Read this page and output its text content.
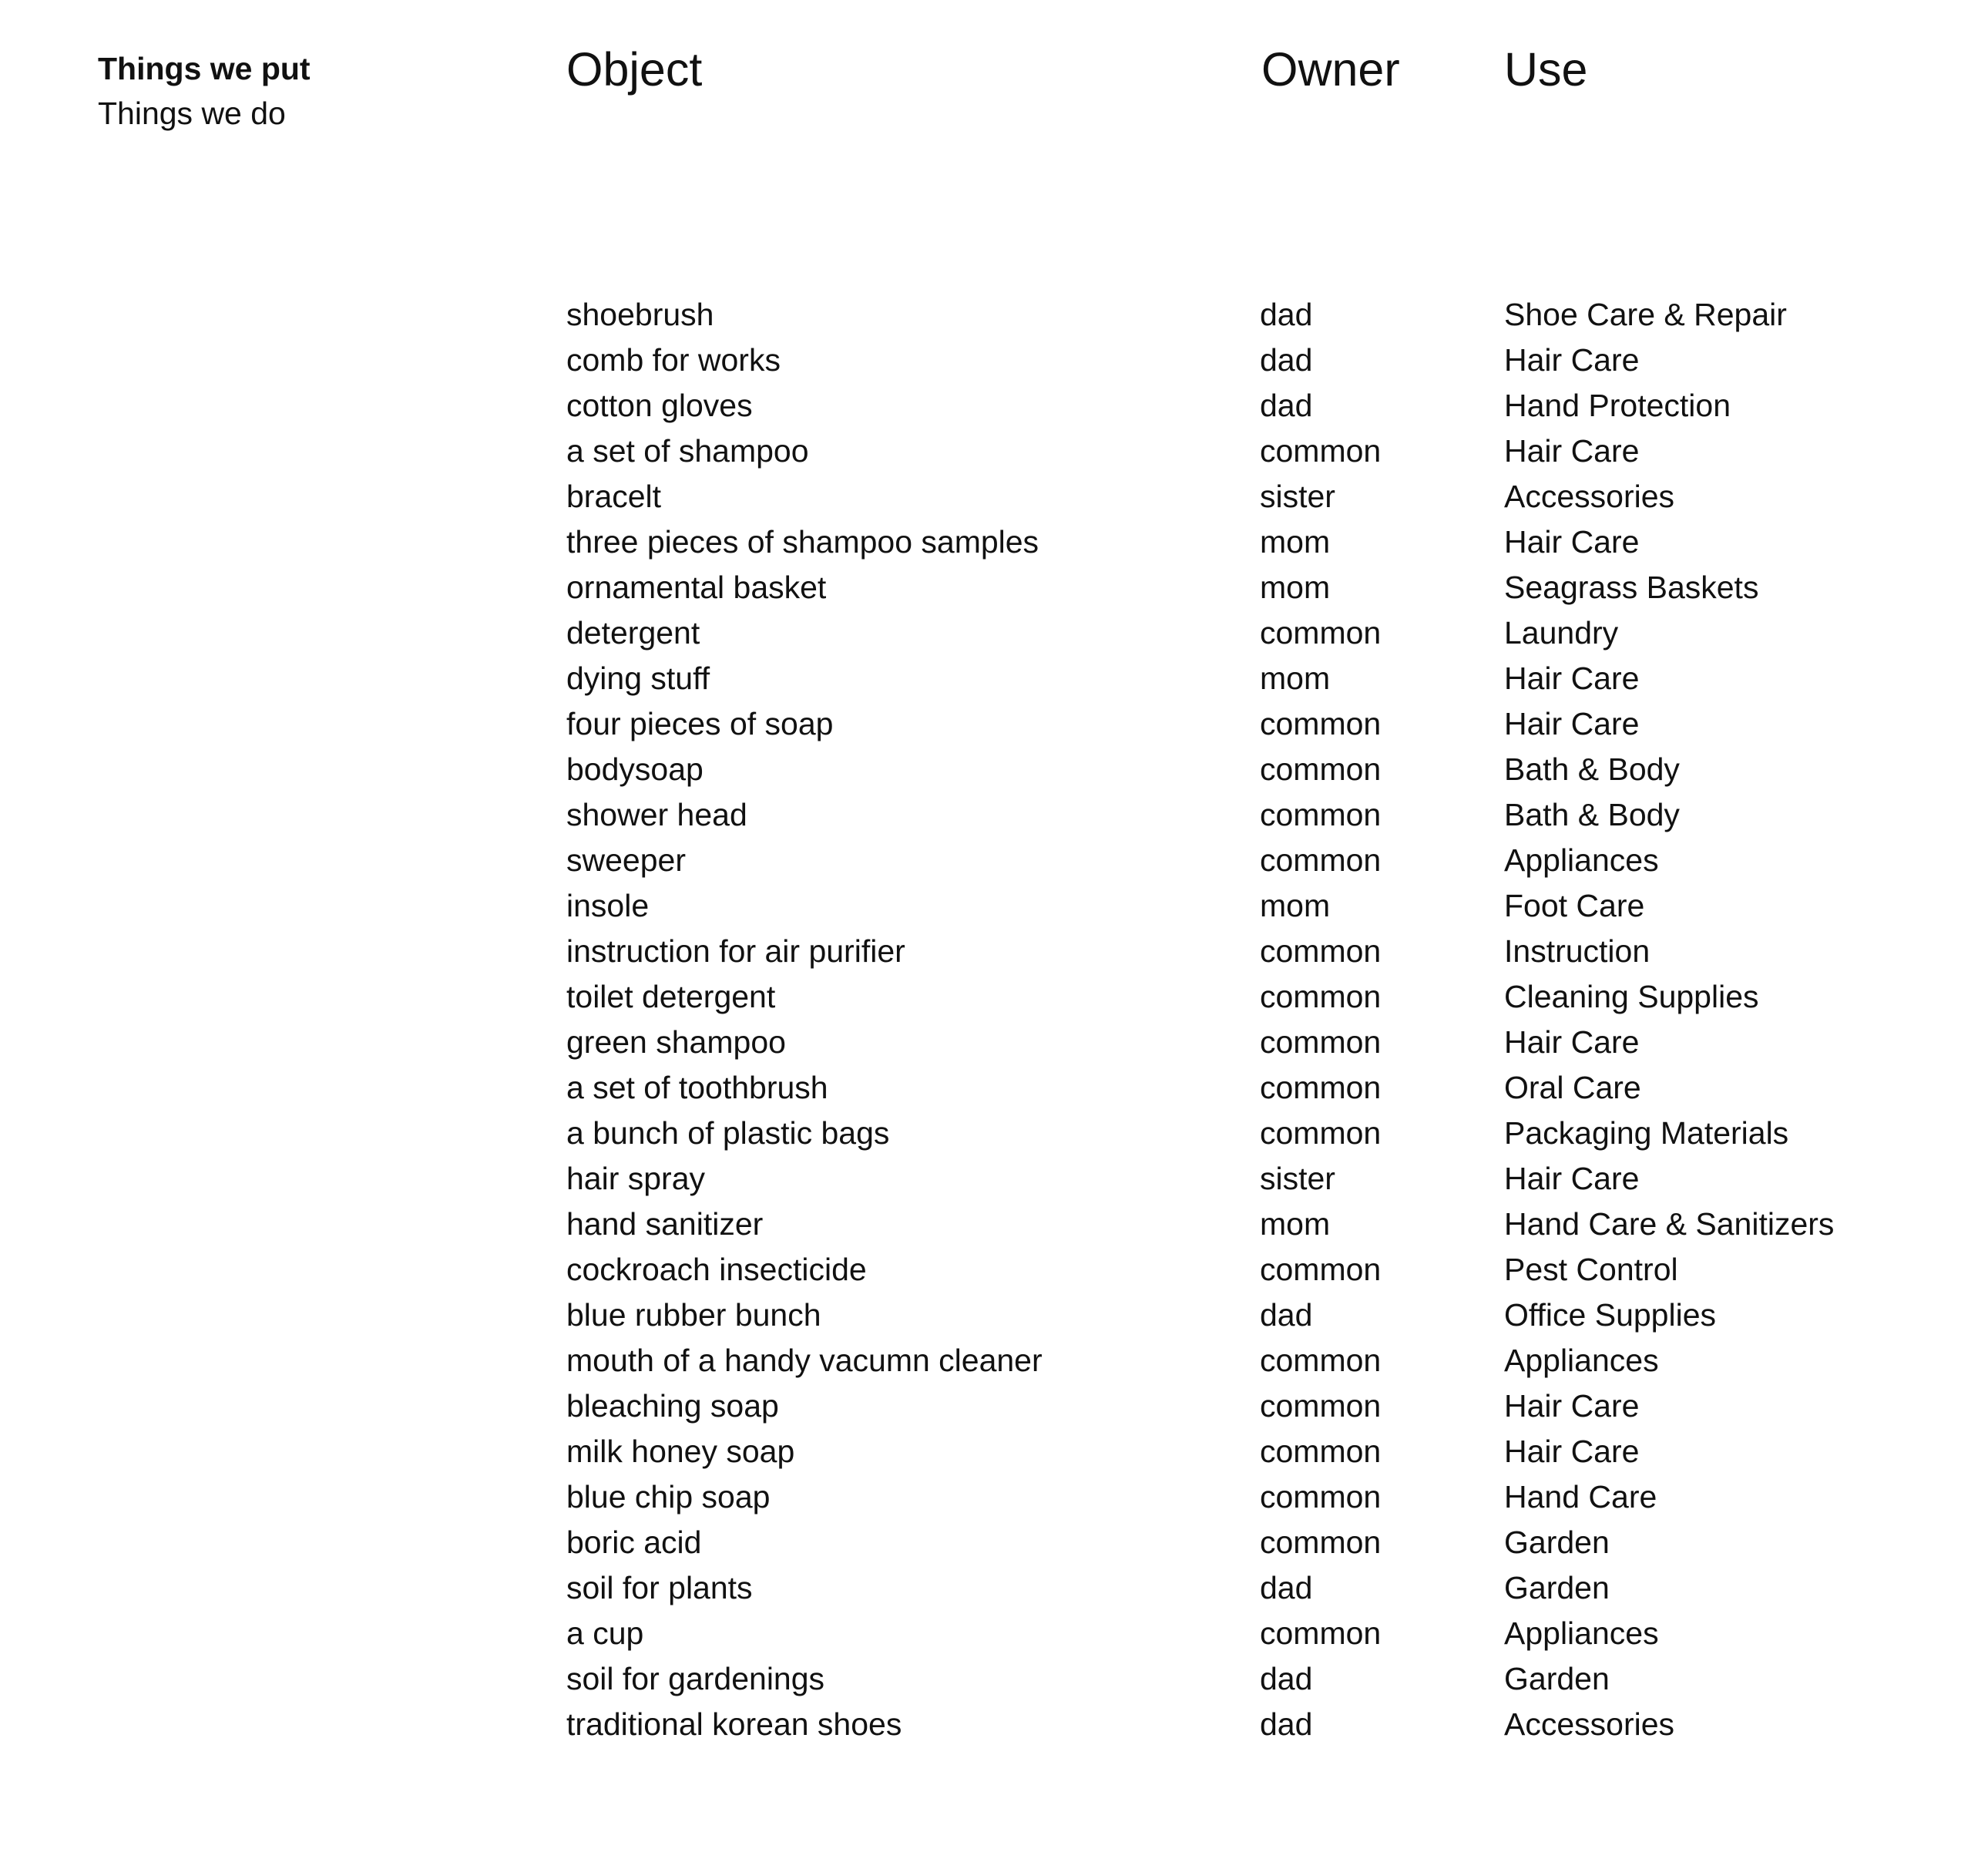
Things we put
Things we do
Object	Owner Use
shoebrush	dad	Shoe Care & Repair
comb for works	dad	Hair Care
cotton gloves	dad	Hand Protection
a set of shampoo	common	Hair Care
bracelt	sister	Accessories
three pieces of shampoo samples	mom	Hair Care
ornamental basket	mom	Seagrass Baskets
detergent	common	Laundry
dying stuff	mom	Hair Care
four pieces of soap	common	Hair Care
bodysoap	common	Bath & Body
shower head	common	Bath & Body
sweeper	common	Appliances
insole	mom	Foot Care
instruction for air purifier	common	Instruction
toilet detergent	common	Cleaning Supplies
green shampoo	common	Hair Care
a set of toothbrush	common	Oral Care
a bunch of plastic bags	common	Packaging Materials
hair spray	sister	Hair Care
hand sanitizer	mom	Hand Care & Sanitizers
cockroach insecticide	common	Pest Control
blue rubber bunch	dad	Office Supplies
mouth of a handy vacumn cleaner	common	Appliances
bleaching soap	common	Hair Care
milk honey soap	common	Hair Care
blue chip soap	common	Hand Care
boric acid	common	Garden
soil for plants	dad	Garden
a cup	common	Appliances
soil for gardenings	dad	Garden
traditional korean shoes	dad	Accessories
